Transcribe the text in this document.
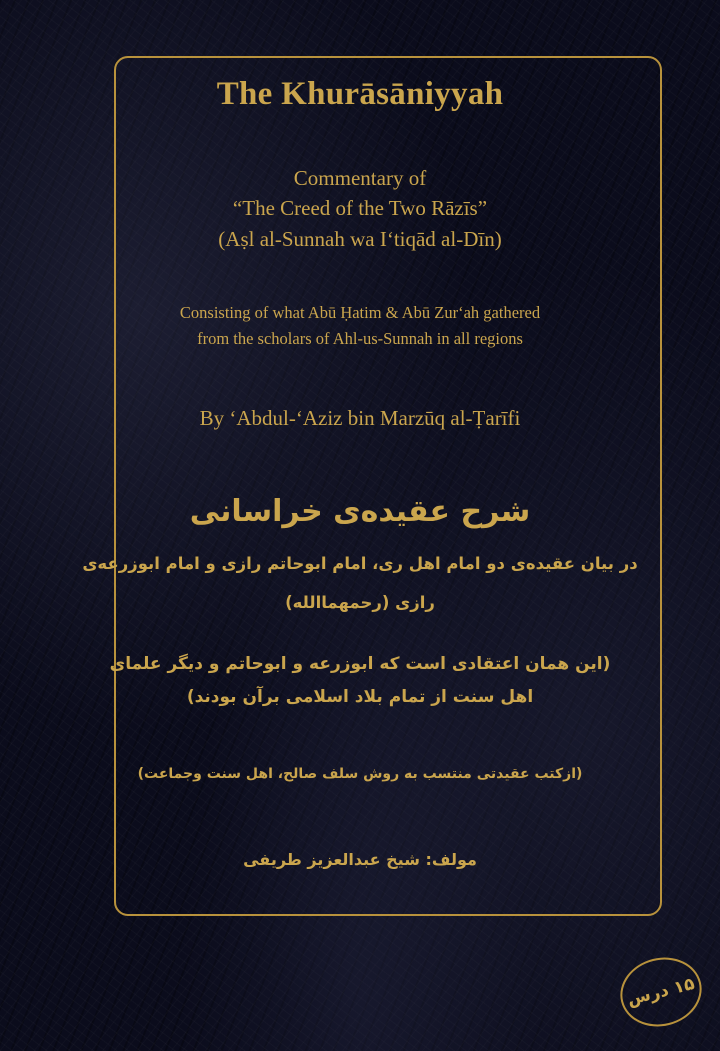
The Khurāsāniyyah
Commentary of
“The Creed of the Two Rāzīs”
(Aṣl al-Sunnah wa I‘tiqād al-Dīn)
Consisting of what Abū Ḥatim & Abū Zur‘ah gathered
from the scholars of Ahl-us-Sunnah in all regions
By ‘Abdul-‘Aziz bin Marzūq al-Ṭarīfi
شرح عقیده‌ی خراسانی
در بیان عقیده‌ی دو امام اهل ری، امام ابوحاتم رازی و امام ابوزرعه‌ی
رازی (رحمهماالله)
(این همان اعتقادی است که ابوزرعه و ابوحاتم و دیگر علمای
اهل سنت از تمام بلاد اسلامی برآن بودند)
(ازکتب عقیدتی منتسب به روش سلف صالح، اهل سنت وجماعت)
مولف: شیخ عبدالعزیز طریفی
۱۵ درس
